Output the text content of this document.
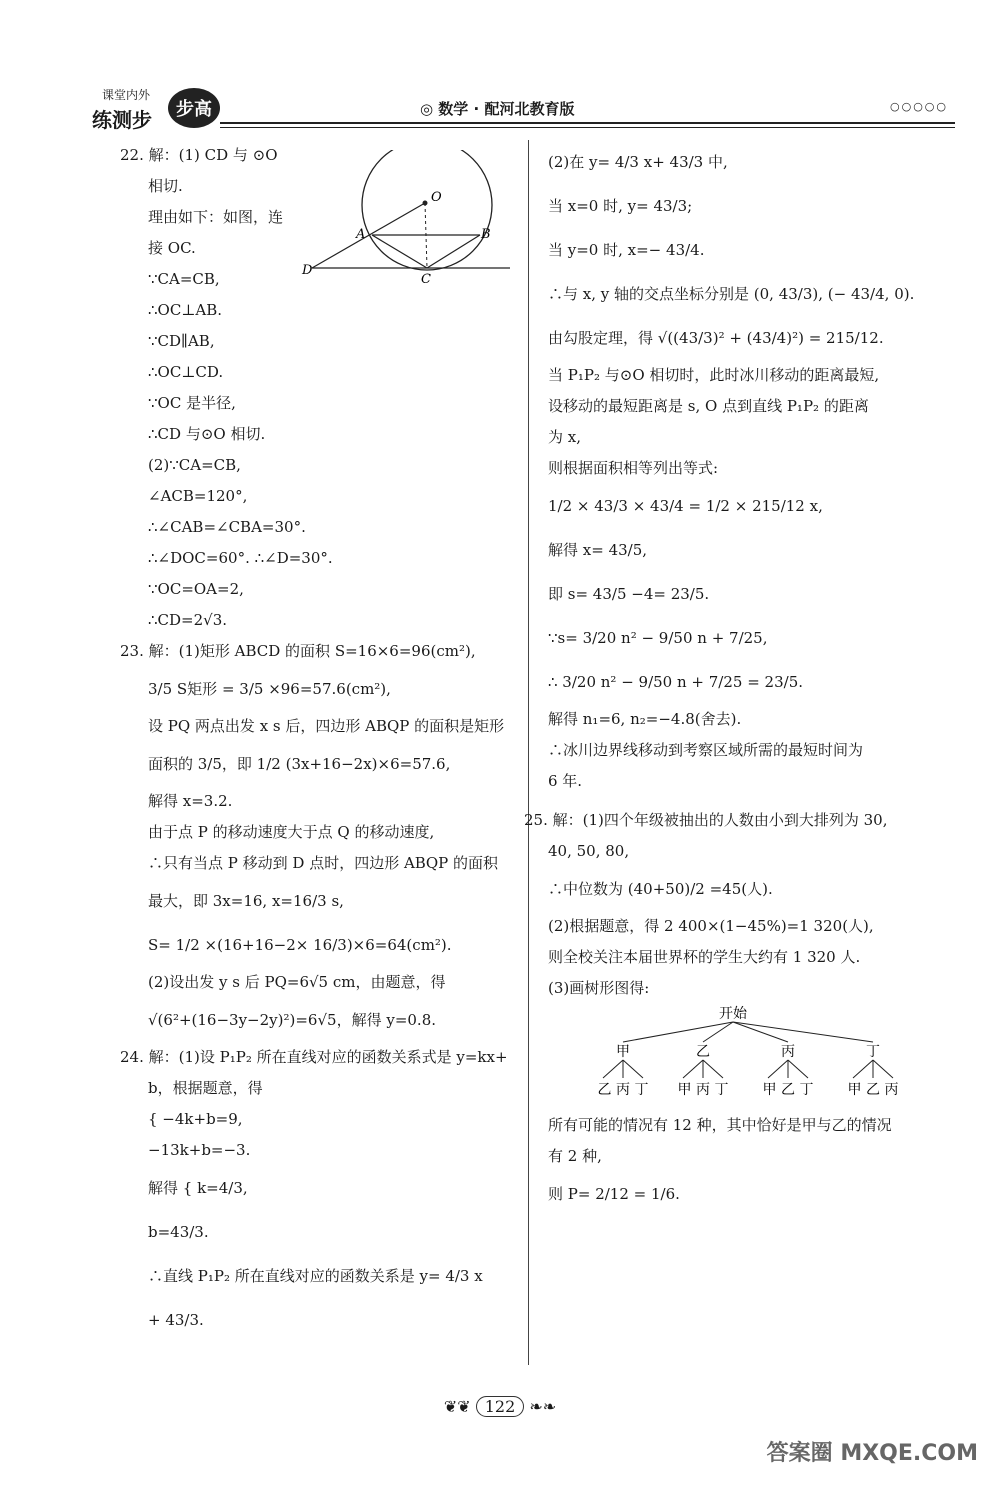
课堂内外
练测步	步高	◎ 数学 · 配河北教育版	○○○○○
22. 解：(1) CD 与 ⊙O
相切.
理由如下：如图，连
接 OC.
∵CA=CB,
∴OC⊥AB.
∵CD∥AB,
∴OC⊥CD.
∵OC 是半径,
∴CD 与⊙O 相切.
(2)∵CA=CB,
∠ACB=120°,
∴∠CAB=∠CBA=30°.
∴∠DOC=60°. ∴∠D=30°.
∵OC=OA=2,
∴CD=2√3.
23. 解：(1)矩形 ABCD 的面积 S=16×6=96(cm²),
3/5 S矩形 = 3/5 ×96=57.6(cm²),
设 PQ 两点出发 x s 后，四边形 ABQP 的面积是矩形
面积的 3/5，即 1/2 (3x+16−2x)×6=57.6,
解得 x=3.2.
由于点 P 的移动速度大于点 Q 的移动速度,
∴只有当点 P 移动到 D 点时，四边形 ABQP 的面积
最大，即 3x=16, x=16/3 s,
S= 1/2 ×(16+16−2× 16/3)×6=64(cm²).
(2)设出发 y s 后 PQ=6√5 cm，由题意，得
√(6²+(16−3y−2y)²)=6√5，解得 y=0.8.
24. 解：(1)设 P₁P₂ 所在直线对应的函数关系式是 y=kx+
b，根据题意，得
{ −4k+b=9,
−13k+b=−3.
解得 { k=4/3,
b=43/3.
∴直线 P₁P₂ 所在直线对应的函数关系是 y= 4/3 x
+ 43/3.
O
A	B
C
D
(2)在 y= 4/3 x+ 43/3 中,
当 x=0 时, y= 43/3;
当 y=0 时, x=− 43/4.
∴与 x, y 轴的交点坐标分别是 (0, 43/3), (− 43/4, 0).
由勾股定理，得 √((43/3)² + (43/4)²) = 215/12.
当 P₁P₂ 与⊙O 相切时，此时冰川移动的距离最短,
设移动的最短距离是 s, O 点到直线 P₁P₂ 的距离
为 x,
则根据面积相等列出等式:
1/2 × 43/3 × 43/4 = 1/2 × 215/12 x,
解得 x= 43/5,
即 s= 43/5 −4= 23/5.
∵s= 3/20 n² − 9/50 n + 7/25,
∴ 3/20 n² − 9/50 n + 7/25 = 23/5.
解得 n₁=6, n₂=−4.8(舍去).
∴冰川边界线移动到考察区域所需的最短时间为
6 年.
25. 解：(1)四个年级被抽出的人数由小到大排列为 30,
40, 50, 80,
∴中位数为 (40+50)/2 =45(人).
(2)根据题意，得 2 400×(1−45%)=1 320(人),
则全校关注本届世界杯的学生大约有 1 320 人.
(3)画树形图得:
开始
甲	乙	丙	丁
乙 丙 丁 甲 丙 丁 甲 乙 丁 甲 乙 丙
所有可能的情况有 12 种，其中恰好是甲与乙的情况
有 2 种,
则 P= 2/12 = 1/6.
❦❦ 122 ❧❧
答案圈 MXQE.COM
